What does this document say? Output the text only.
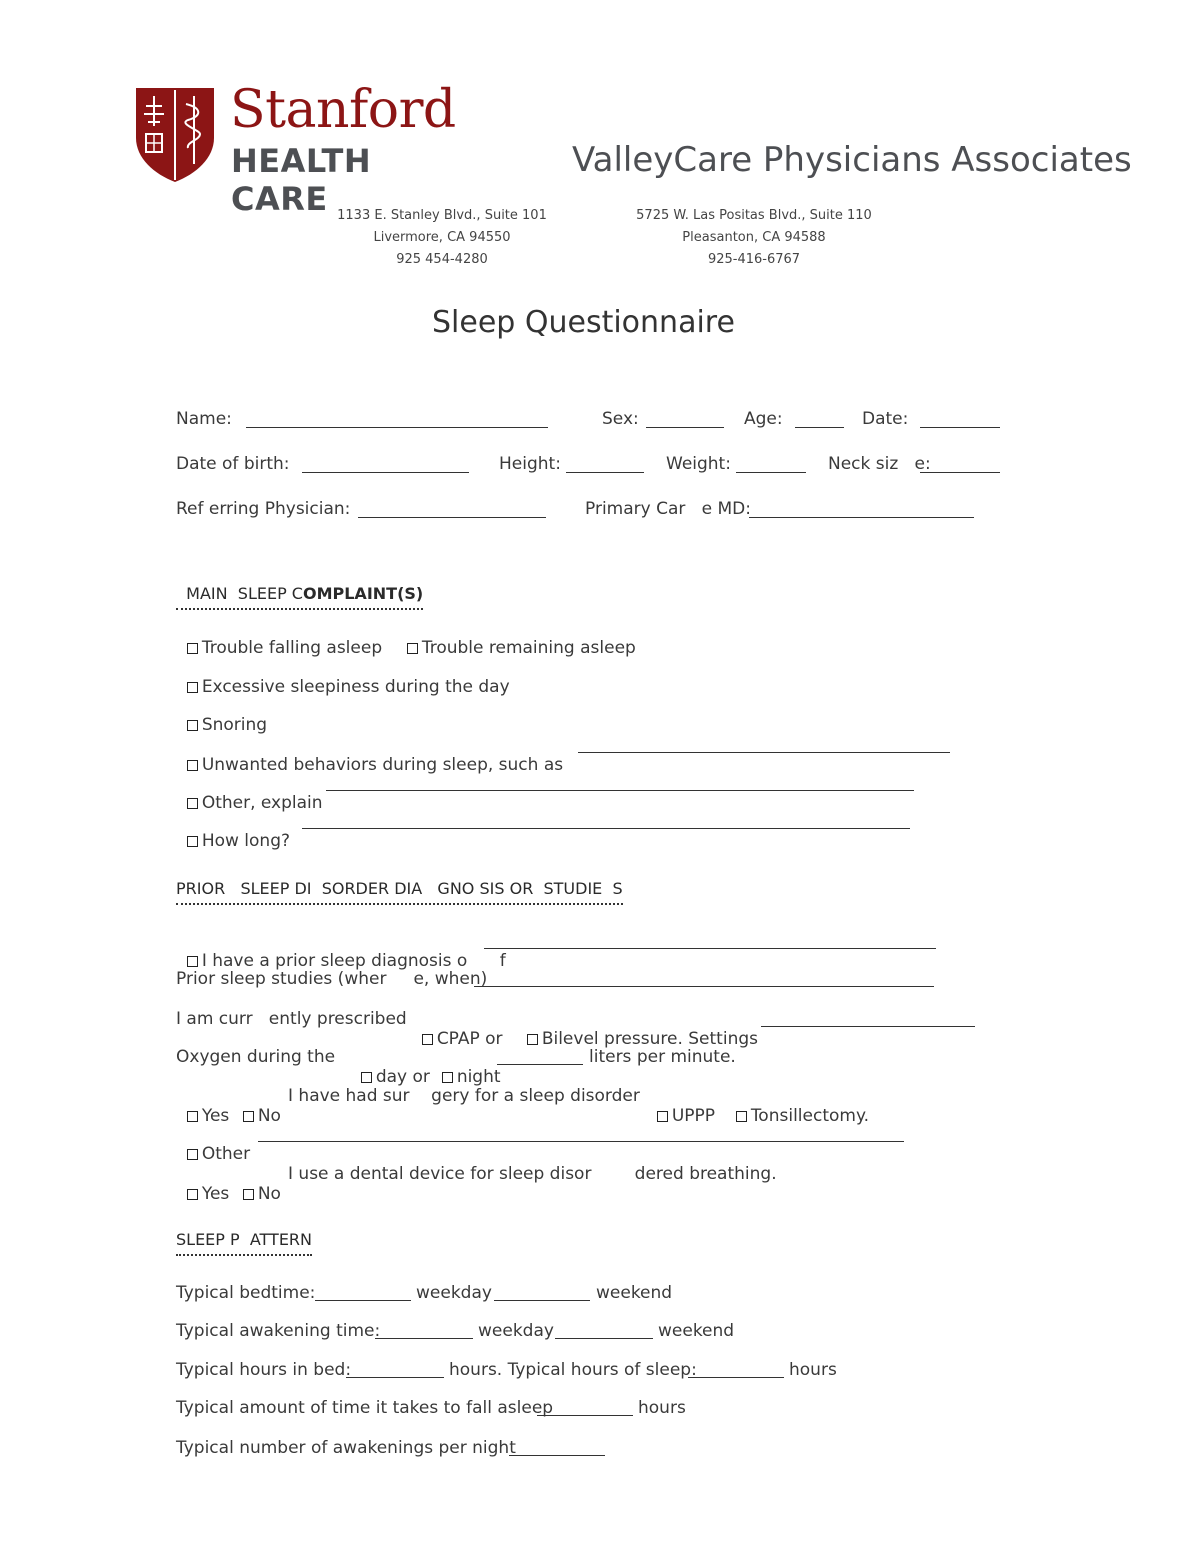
Stanford
HEALTH CARE
ValleyCare Physicians Associates
1133 E. Stanley Blvd., Suite 101
Livermore, CA 94550
925 454-4280
5725 W. Las Positas Blvd., Suite 110
Pleasanton, CA 94588
925-416-6767
Sleep Questionnaire
Name:	Sex:	Age:	Date:
Date of birth:	Height:	Weight:	Neck siz   e:
Ref erring Physician:	Primary Car   e MD:

MAIN  SLEEP COMPLAINT(S)

Trouble falling asleep	Trouble remaining asleep

Excessive sleepiness during the day

Snoring

Unwanted behaviors during sleep, such as

Other, explain

How long?

PRIOR   SLEEP DI  SORDER DIA   GNO SIS OR  STUDIE  S

I have a prior sleep diagnosis o      f

Prior sleep studies (wher     e, when)
I am curr   ently prescribed

CPAP or	Bilevel pressure. Settings

Oxygen during the

day or	night

liters per minute.

Yes	No

I have had sur    gery for a sleep disorder

UPPP	Tonsillectomy.

Other

Yes	No

I use a dental device for sleep disor        dered breathing.
SLEEP P  ATTERN
Typical bedtime:	weekday	weekend
Typical awakening time:	weekday	weekend
Typical hours in bed:	hours. Typical hours of sleep:	hours
Typical amount of time it takes to fall asleep	hours
Typical number of awakenings per night
